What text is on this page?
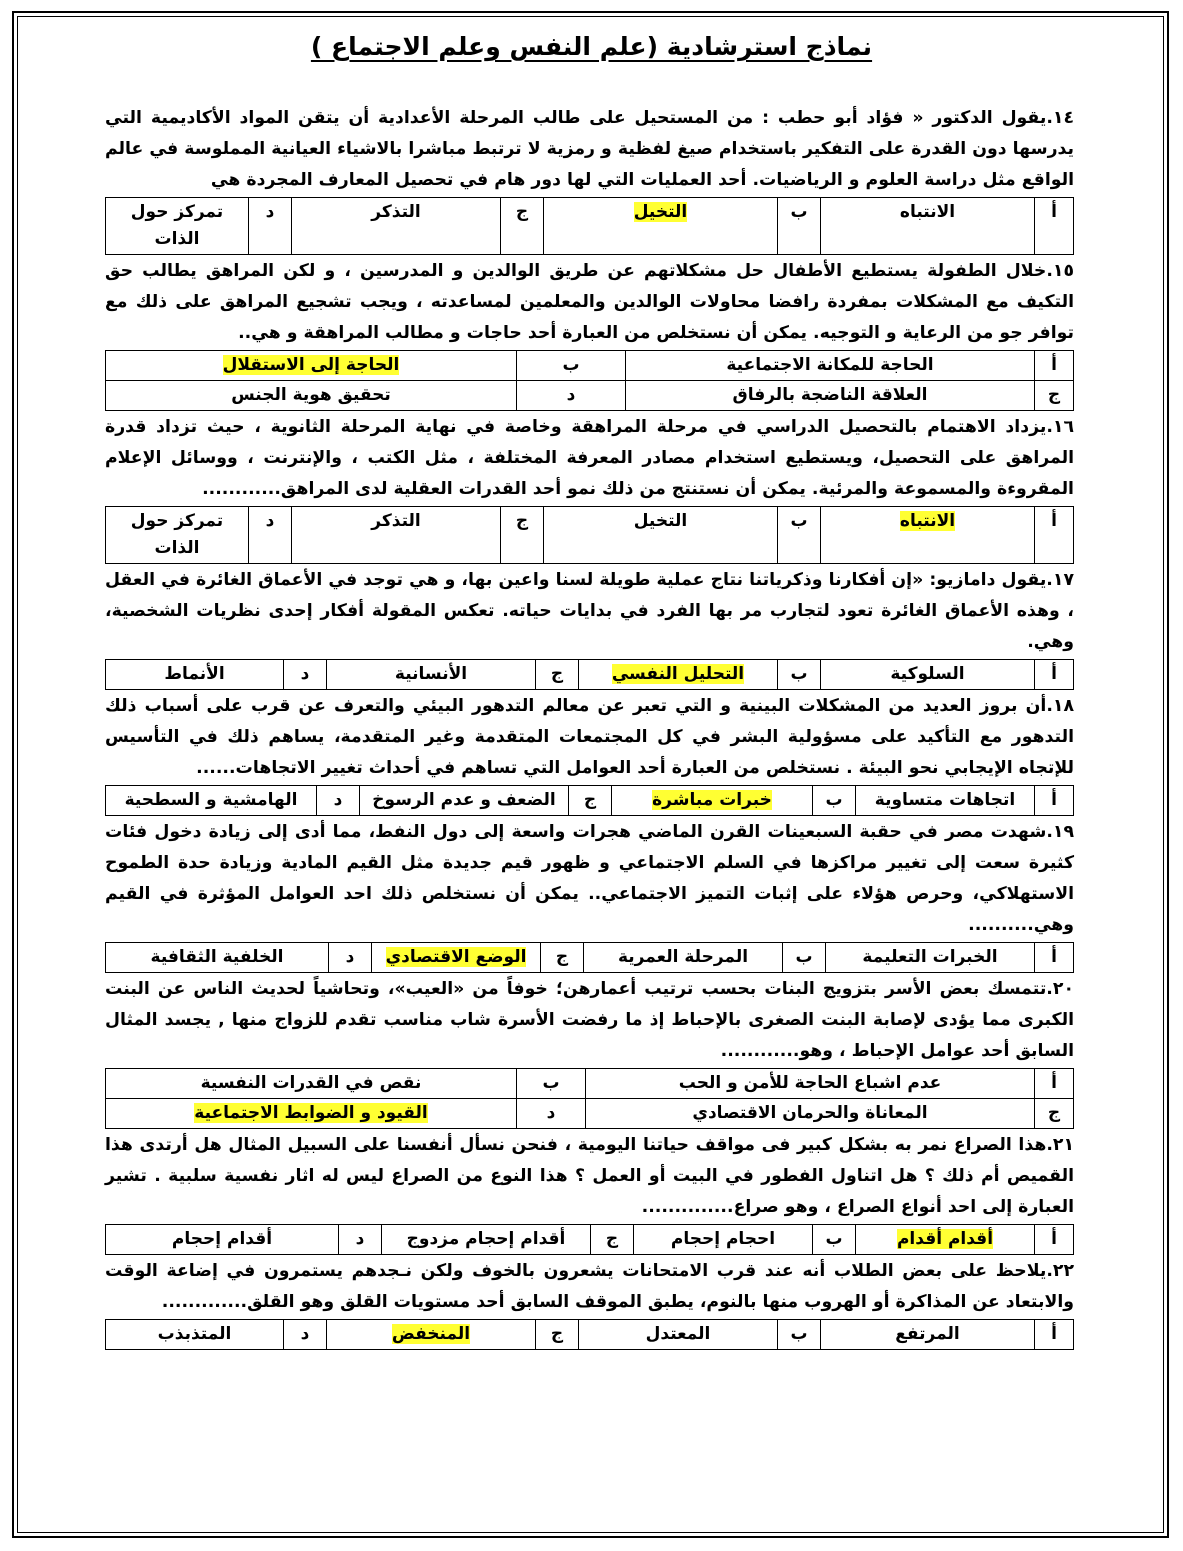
نماذج استرشادية (علم النفس وعلم الاجتماع )
١٤.يقول الدكتور « فؤاد أبو حطب : من المستحيل على طالب المرحلة الأعدادية أن يتقن المواد الأكاديمية التي يدرسها دون القدرة على التفكير باستخدام صيغ لفظية و رمزية لا ترتبط مباشرا بالاشياء العيانية المملوسة في عالم الواقع مثل دراسة العلوم و الرياضيات. أحد العمليات التي لها دور هام في تحصيل المعارف المجردة هي
أ	الانتباه	ب	التخيل	ج	التذكر	د	تمركز حول الذات
١٥.خلال الطفولة يستطيع الأطفال حل مشكلاتهم عن طريق الوالدين و المدرسين ، و لكن المراهق يطالب حق التكيف مع المشكلات بمفردة رافضا محاولات الوالدين والمعلمين لمساعدته ، ويجب تشجيع المراهق على ذلك مع توافر جو من الرعاية و التوجيه. يمكن أن نستخلص من العبارة أحد حاجات و مطالب المراهقة و هي..
أ	الحاجة للمكانة الاجتماعية	ب	الحاجة إلى الاستقلال
ج	العلاقة الناضجة بالرفاق	د	تحقيق هوية الجنس
١٦.يزداد الاهتمام بالتحصيل الدراسي في مرحلة المراهقة وخاصة في نهاية المرحلة الثانوية ، حيث تزداد قدرة المراهق على التحصيل، ويستطيع استخدام مصادر المعرفة المختلفة ، مثل الكتب ، والإنترنت ، ووسائل الإعلام المقروءة والمسموعة والمرئية. يمكن أن نستنتج من ذلك نمو أحد القدرات العقلية لدى المراهق............
أ	الانتباه	ب	التخيل	ج	التذكر	د	تمركز حول الذات
١٧.يقول دامازيو: «إن أفكارنا وذكرياتنا نتاج عملية طويلة لسنا واعين بها، و هي توجد في الأعماق الغائرة في العقل ، وهذه الأعماق الغائرة تعود لتجارب مر بها الفرد في بدايات حياته. تعكس المقولة أفكار إحدى نظريات الشخصية، وهي.
أ	السلوكية	ب	التحليل النفسي	ج	الأنسانية	د	الأنماط
١٨.أن بروز العديد من المشكلات البينية و التي تعبر عن معالم التدهور البيئي والتعرف عن قرب على أسباب ذلك التدهور مع التأكيد على مسؤولية البشر في كل المجتمعات المتقدمة وغير المتقدمة، يساهم ذلك في التأسيس للإتجاه الإيجابي نحو البيئة . نستخلص من العبارة أحد العوامل التي تساهم في أحداث تغيير الاتجاهات......
أ	اتجاهات متساوية	ب	خبرات مباشرة	ج	الضعف و عدم الرسوخ	د	الهامشية و السطحية
١٩.شهدت مصر في حقبة السبعينات القرن الماضي هجرات واسعة إلى دول النفط، مما أدى إلى زيادة دخول فئات كثيرة سعت إلى تغيير مراكزها في السلم الاجتماعي و ظهور قيم جديدة مثل القيم المادية وزيادة حدة الطموح الاستهلاكي، وحرص هؤلاء على إثبات التميز الاجتماعي.. يمكن أن نستخلص ذلك احد العوامل المؤثرة في القيم وهي..........
أ	الخبرات التعليمة	ب	المرحلة العمرية	ج	الوضع الاقتصادي	د	الخلفية الثقافية
٢٠.تتمسك بعض الأسر بتزويج البنات بحسب ترتيب أعمارهن؛ خوفاً من «العيب»، وتحاشياً لحديث الناس عن البنت الكبرى مما يؤدى لإصابة البنت الصغرى بالإحباط إذ ما رفضت الأسرة شاب مناسب تقدم للزواج منها , يجسد المثال السابق أحد عوامل الإحباط ، وهو............
أ	عدم اشباع الحاجة للأمن و الحب	ب	نقص في القدرات النفسية
ج	المعاناة والحرمان الاقتصادي	د	القيود و الضوابط الاجتماعية
٢١.هذا الصراع نمر به بشكل كبير فى مواقف حياتنا اليومية ، فنحن نسأل أنفسنا على السبيل المثال هل أرتدى هذا القميص أم ذلك ؟ هل اتناول الفطور في البيت أو العمل ؟ هذا النوع من الصراع ليس له اثار نفسية سلبية . تشير العبارة إلى احد أنواع الصراع ، وهو صراع..............
أ	أقدام أقدام	ب	احجام إحجام	ج	أقدام إحجام مزدوج	د	أقدام إحجام
٢٢.يلاحظ على بعض الطلاب أنه عند قرب الامتحانات يشعرون بالخوف ولكن نـجدهم يستمرون في إضاعة الوقت والابتعاد عن المذاكرة أو الهروب منها بالنوم، يطبق الموقف السابق أحد مستويات القلق وهو القلق.............
أ	المرتفع	ب	المعتدل	ج	المنخفض	د	المتذبذب
